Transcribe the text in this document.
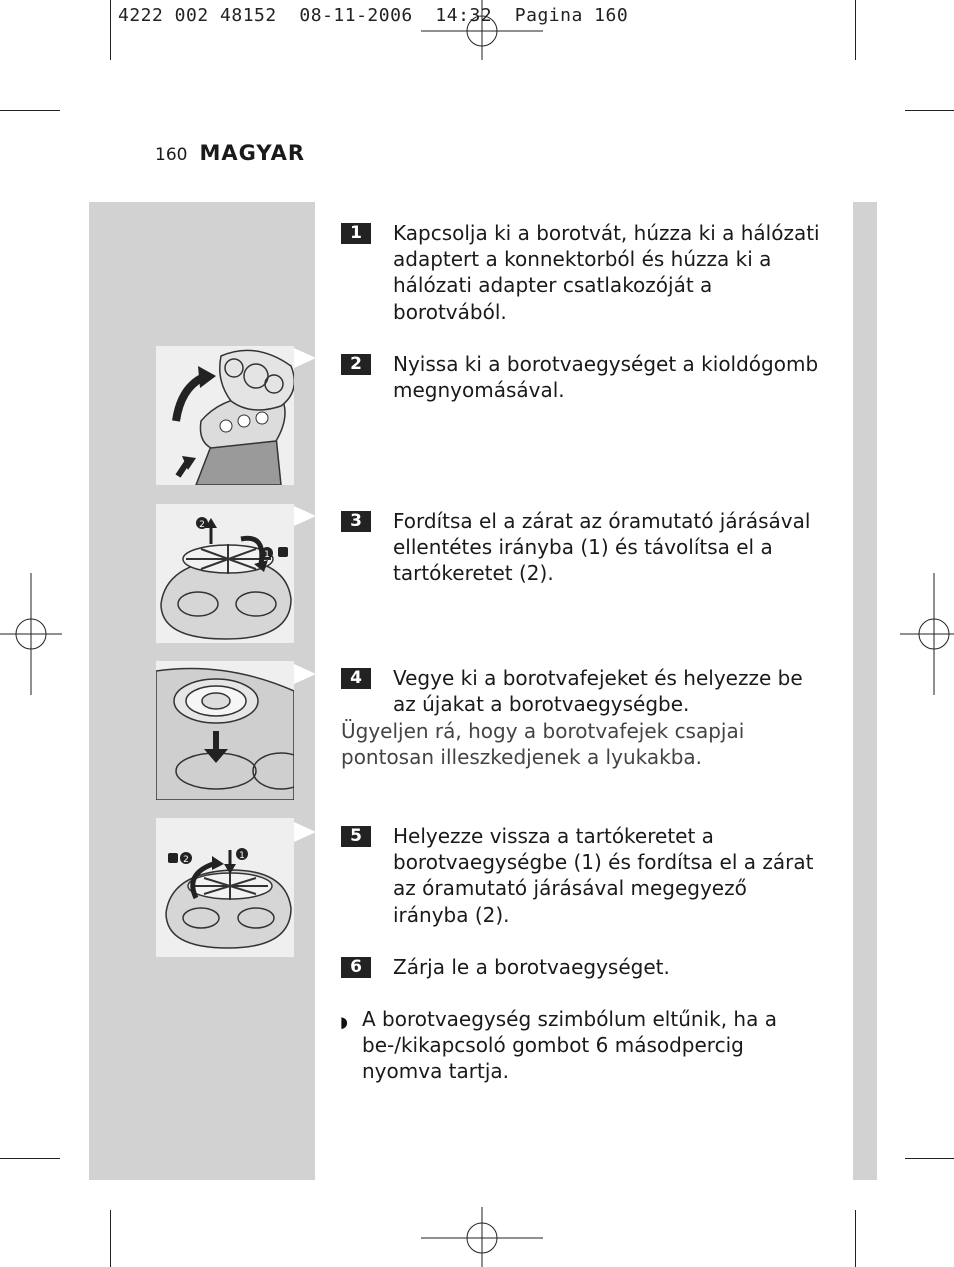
4222 002 48152  08-11-2006  14:32  Pagina 160
160 MAGYAR
2
1
1
2
1	Kapcsolja ki a borotvát, húzza ki a hálózati adaptert a konnektorból és húzza ki a hálózati adapter csatlakozóját a borotvából.
2	Nyissa ki a borotvaegységet a kioldógomb megnyomásával.
3	Fordítsa el a zárat az óramutató járásával ellentétes irányba (1) és távolítsa el a tartókeretet (2).
4	Vegye ki a borotvafejeket és helyezze be az újakat a borotvaegységbe.
Ügyeljen rá, hogy a borotvafejek csapjai pontosan illeszkedjenek a lyukakba.
5	Helyezze vissza a tartókeretet a borotvaegységbe (1) és fordítsa el a zárat az óramutató járásával megegyező irányba (2).
6	Zárja le a borotvaegységet.
◗ A borotvaegység szimbólum eltűnik, ha a be-/kikapcsoló gombot 6 másodpercig nyomva tartja.
